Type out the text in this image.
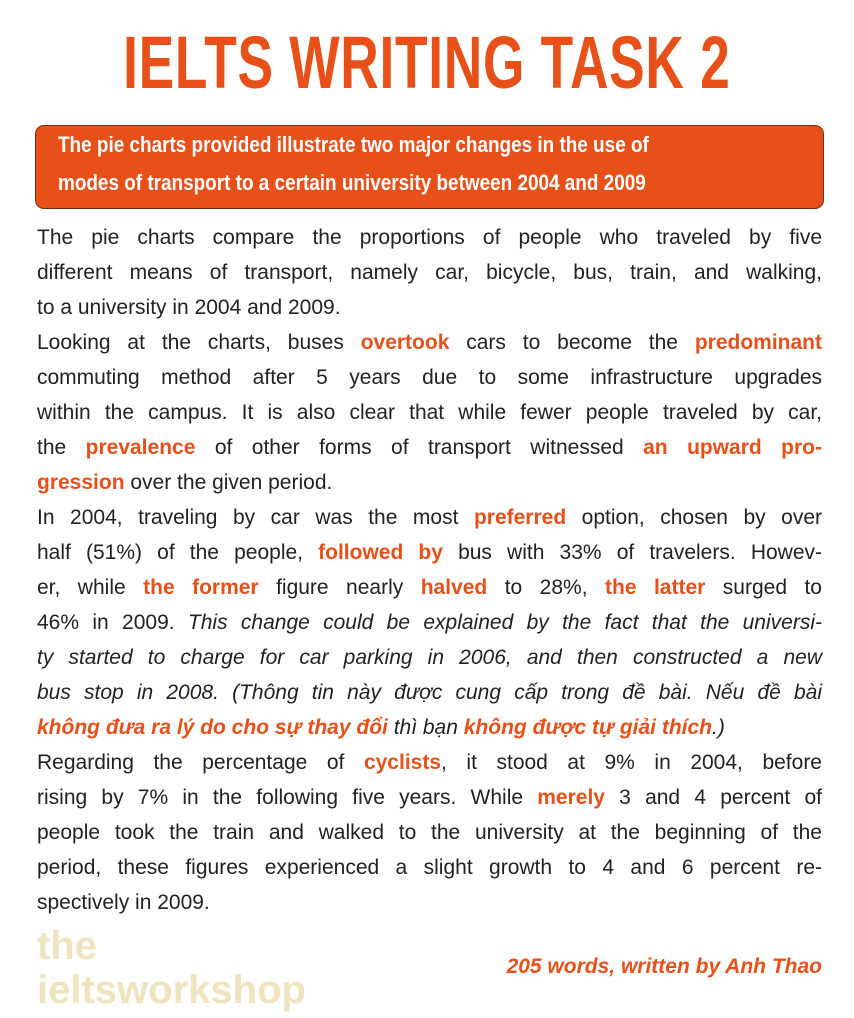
IELTS WRITING TASK 2
The pie charts provided illustrate two major changes in the use of
modes of transport to a certain university between 2004 and 2009
the ieltsworkshop
The pie charts compare the proportions of people who traveled by five
different means of transport, namely car, bicycle, bus, train, and walking,
to a university in 2004 and 2009.
Looking at the charts, buses overtook cars to become the predominant
commuting method after 5 years due to some infrastructure upgrades
within the campus. It is also clear that while fewer people traveled by car,
the prevalence of other forms of transport witnessed an upward pro-
gression over the given period.
In 2004, traveling by car was the most preferred option, chosen by over
half (51%) of the people, followed by bus with 33% of travelers. Howev-
er, while the former figure nearly halved to 28%, the latter surged to
46% in 2009. This change could be explained by the fact that the universi-
ty started to charge for car parking in 2006, and then constructed a new
bus stop in 2008. (Thông tin này được cung cấp trong đề bài. Nếu đề bài
không đưa ra lý do cho sự thay đổi thì bạn không được tự giải thích.)
Regarding the percentage of cyclists, it stood at 9% in 2004, before
rising by 7% in the following five years. While merely 3 and 4 percent of
people took the train and walked to the university at the beginning of the
period, these figures experienced a slight growth to 4 and 6 percent re-
spectively in 2009.
205 words, written by Anh Thao
